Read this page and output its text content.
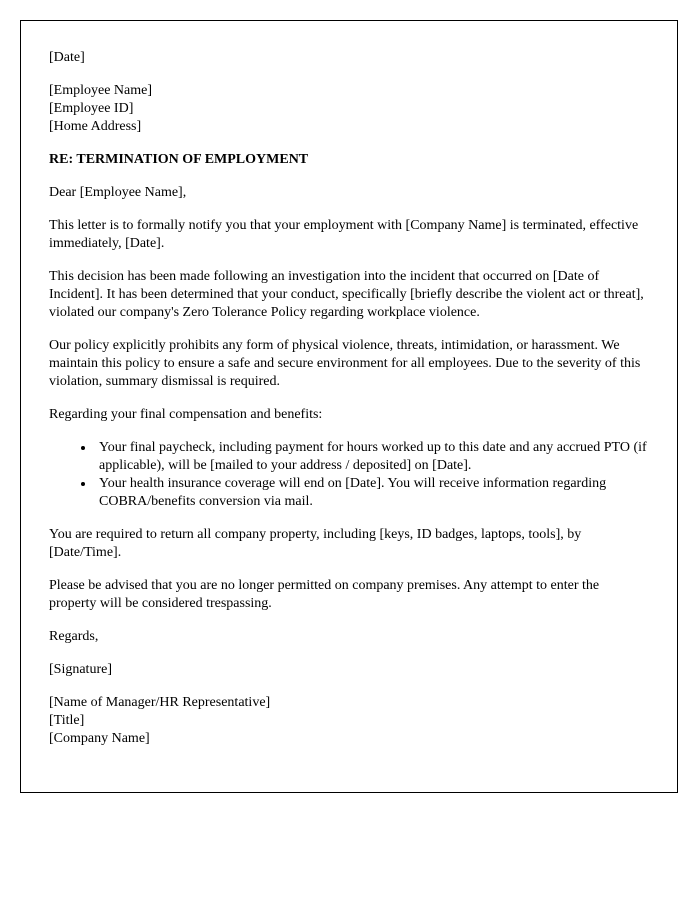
[Date]
[Employee Name]
[Employee ID]
[Home Address]
RE: TERMINATION OF EMPLOYMENT
Dear [Employee Name],

This letter is to formally notify you that your employment with [Company Name] is terminated, effective immediately, [Date].

This decision has been made following an investigation into the incident that occurred on [Date of Incident]. It has been determined that your conduct, specifically [briefly describe the violent act or threat], violated our company's Zero Tolerance Policy regarding workplace violence.

Our policy explicitly prohibits any form of physical violence, threats, intimidation, or harassment. We maintain this policy to ensure a safe and secure environment for all employees. Due to the severity of this violation, summary dismissal is required.

Regarding your final compensation and benefits:

• Your final paycheck, including payment for hours worked up to this date and any accrued PTO (if applicable), will be [mailed to your address / deposited] on [Date].
• Your health insurance coverage will end on [Date]. You will receive information regarding COBRA/benefits conversion via mail.

You are required to return all company property, including [keys, ID badges, laptops, tools], by [Date/Time].

Please be advised that you are no longer permitted on company premises. Any attempt to enter the property will be considered trespassing.

Regards,
[Signature]
[Name of Manager/HR Representative]
[Title]
[Company Name]
